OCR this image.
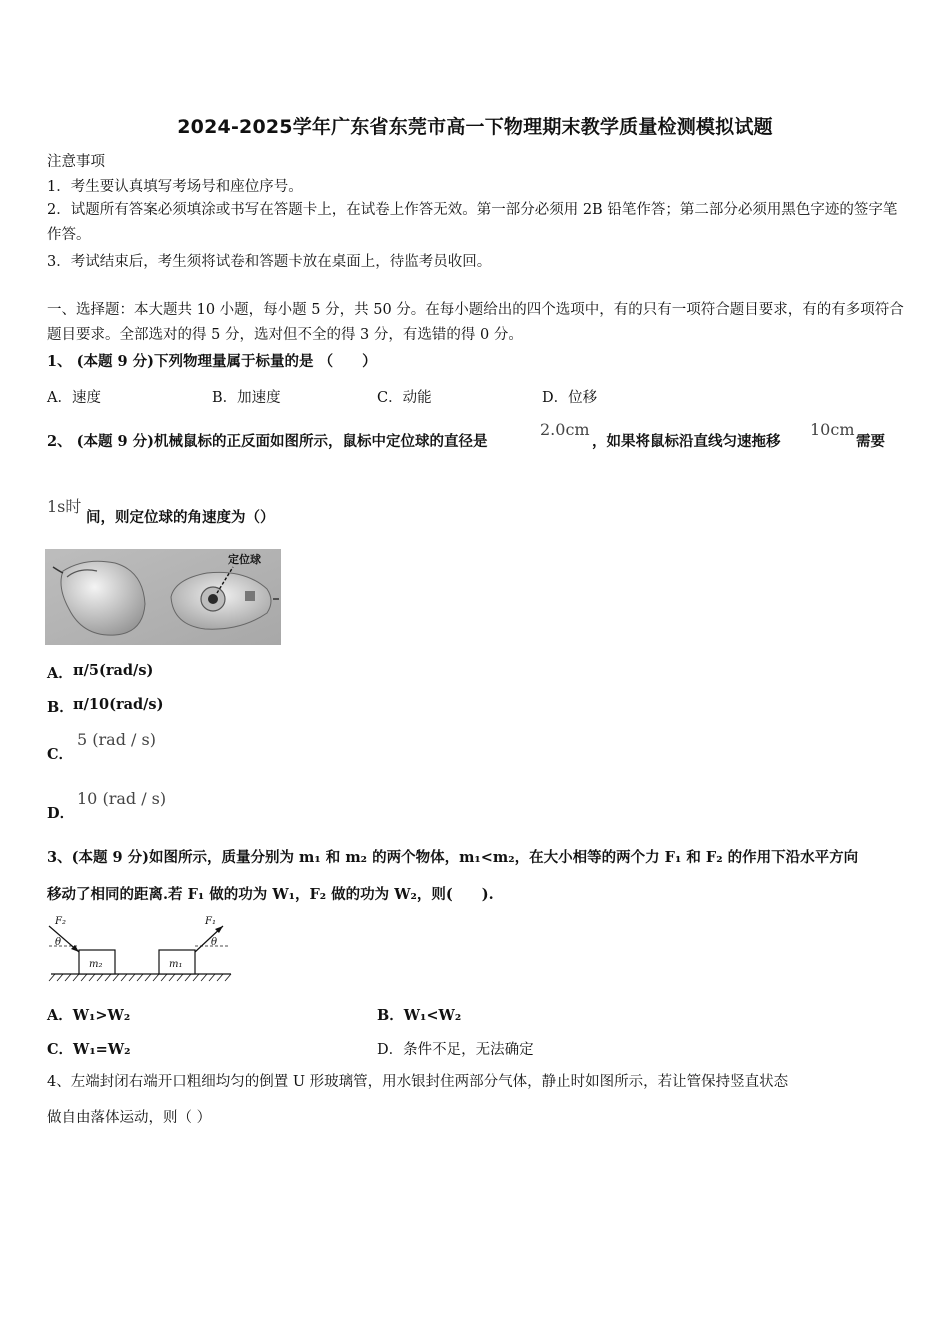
2024-2025学年广东省东莞市高一下物理期末教学质量检测模拟试题
注意事项
1．考生要认真填写考场号和座位序号。
2．试题所有答案必须填涂或书写在答题卡上，在试卷上作答无效。第一部分必须用 2B 铅笔作答；第二部分必须用黑色字迹的签字笔作答。
3．考试结束后，考生须将试卷和答题卡放在桌面上，待监考员收回。
一、选择题：本大题共 10 小题，每小题 5 分，共 50 分。在每小题给出的四个选项中，有的只有一项符合题目要求，有的有多项符合题目要求。全部选对的得 5 分，选对但不全的得 3 分，有选错的得 0 分。
1、 (本题 9 分)下列物理量属于标量的是 （　　）
A．速度	B．加速度	C．动能	D．位移
2、 (本题 9 分)机械鼠标的正反面如图所示，鼠标中定位球的直径是
2.0cm
，如果将鼠标沿直线匀速拖移
10cm
需要
1s时
间，则定位球的角速度为（）
定位球
A． π/5(rad/s)
B． π/10(rad/s)
C．
5 (rad / s)
D．
10 (rad / s)
3、(本题 9 分)如图所示，质量分别为 m₁ 和 m₂ 的两个物体，m₁<m₂，在大小相等的两个力 F₁ 和 F₂ 的作用下沿水平方向
移动了相同的距离.若 F₁ 做的功为 W₁，F₂ 做的功为 W₂，则(　　).
m₂	m₁
F₂
θ
F₁
θ
A．W₁>W₂	B．W₁<W₂
C．W₁=W₂	D．条件不足，无法确定
4、左端封闭右端开口粗细均匀的倒置 U 形玻璃管，用水银封住两部分气体，静止时如图所示，若让管保持竖直状态
做自由落体运动，则（ ）
